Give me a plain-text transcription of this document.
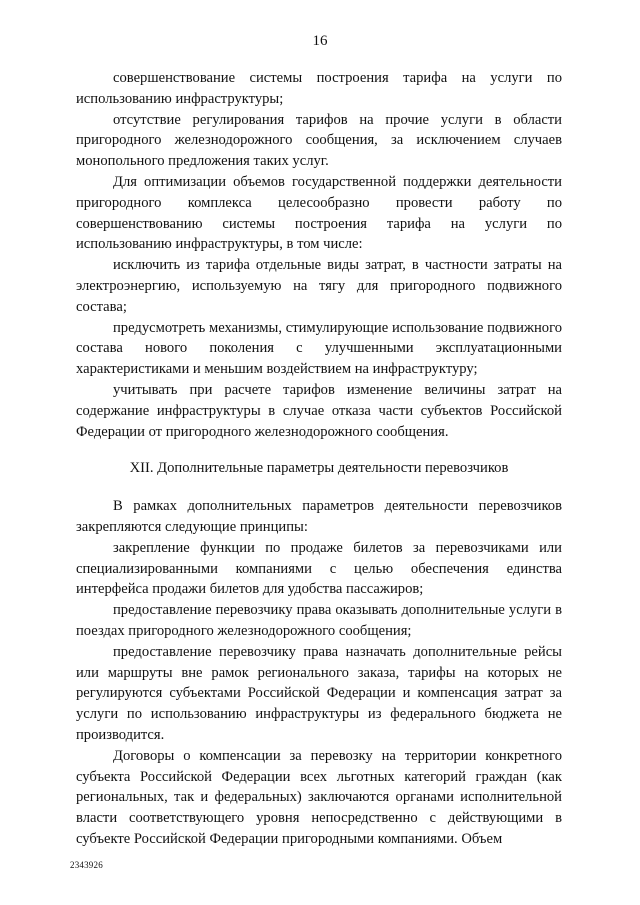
16

совершенствование системы построения тарифа на услуги по использованию инфраструктуры;

отсутствие регулирования тарифов на прочие услуги в области пригородного железнодорожного сообщения, за исключением случаев монопольного предложения таких услуг.

Для оптимизации объемов государственной поддержки деятельности пригородного комплекса целесообразно провести работу по совершенствованию системы построения тарифа на услуги по использованию инфраструктуры, в том числе:

исключить из тарифа отдельные виды затрат, в частности затраты на электроэнергию, используемую на тягу для пригородного подвижного состава;

предусмотреть механизмы, стимулирующие использование подвижного состава нового поколения с улучшенными эксплуатационными характеристиками и меньшим воздействием на инфраструктуру;

учитывать при расчете тарифов изменение величины затрат на содержание инфраструктуры в случае отказа части субъектов Российской Федерации от пригородного железнодорожного сообщения.

XII. Дополнительные параметры деятельности перевозчиков

В рамках дополнительных параметров деятельности перевозчиков закрепляются следующие принципы:

закрепление функции по продаже билетов за перевозчиками или специализированными компаниями с целью обеспечения единства интерфейса продажи билетов для удобства пассажиров;

предоставление перевозчику права оказывать дополнительные услуги в поездах пригородного железнодорожного сообщения;

предоставление перевозчику права назначать дополнительные рейсы или маршруты вне рамок регионального заказа, тарифы на которых не регулируются субъектами Российской Федерации и компенсация затрат за услуги по использованию инфраструктуры из федерального бюджета не производится.

Договоры о компенсации за перевозку на территории конкретного субъекта Российской Федерации всех льготных категорий граждан (как региональных, так и федеральных) заключаются органами исполнительной власти соответствующего уровня непосредственно с действующими в субъекте Российской Федерации пригородными компаниями. Объем

2343926
